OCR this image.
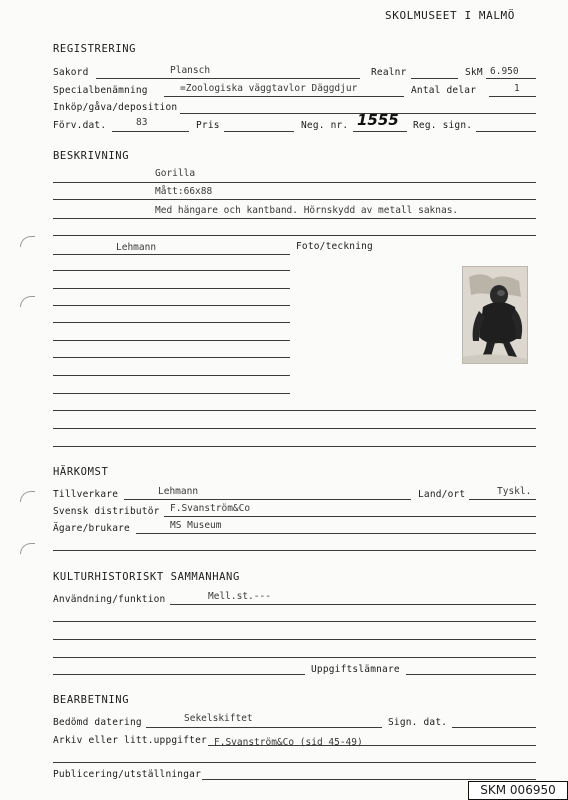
SKOLMUSEET I MALMÖ
REGISTRERING
Sakord	Plansch	Realnr	SkM 6.950
Specialbenämning	=Zoologiska väggtavlor Däggdjur	Antal delar	1
Inköp/gåva/deposition
Förv.dat.	83	Pris	Neg. nr. 1555 Reg. sign.
BESKRIVNING
Gorilla
Mått:66x88
Med hängare och kantband. Hörnskydd av metall saknas.
Lehmann	Foto/teckning
HÄRKOMST
Tillverkare	Lehmann	Land/ort	Tyskl.
Svensk distributör F.Svanström&Co
Ägare/brukare	MS Museum
KULTURHISTORISKT SAMMANHANG
Användning/funktion	Mell.st.---
Uppgiftslämnare
BEARBETNING
Bedömd datering	Sekelskiftet	Sign. dat.
Arkiv eller litt.uppgifter F.Svanström&Co (sid 45-49)
Publicering/utställningar
SKM 006950
